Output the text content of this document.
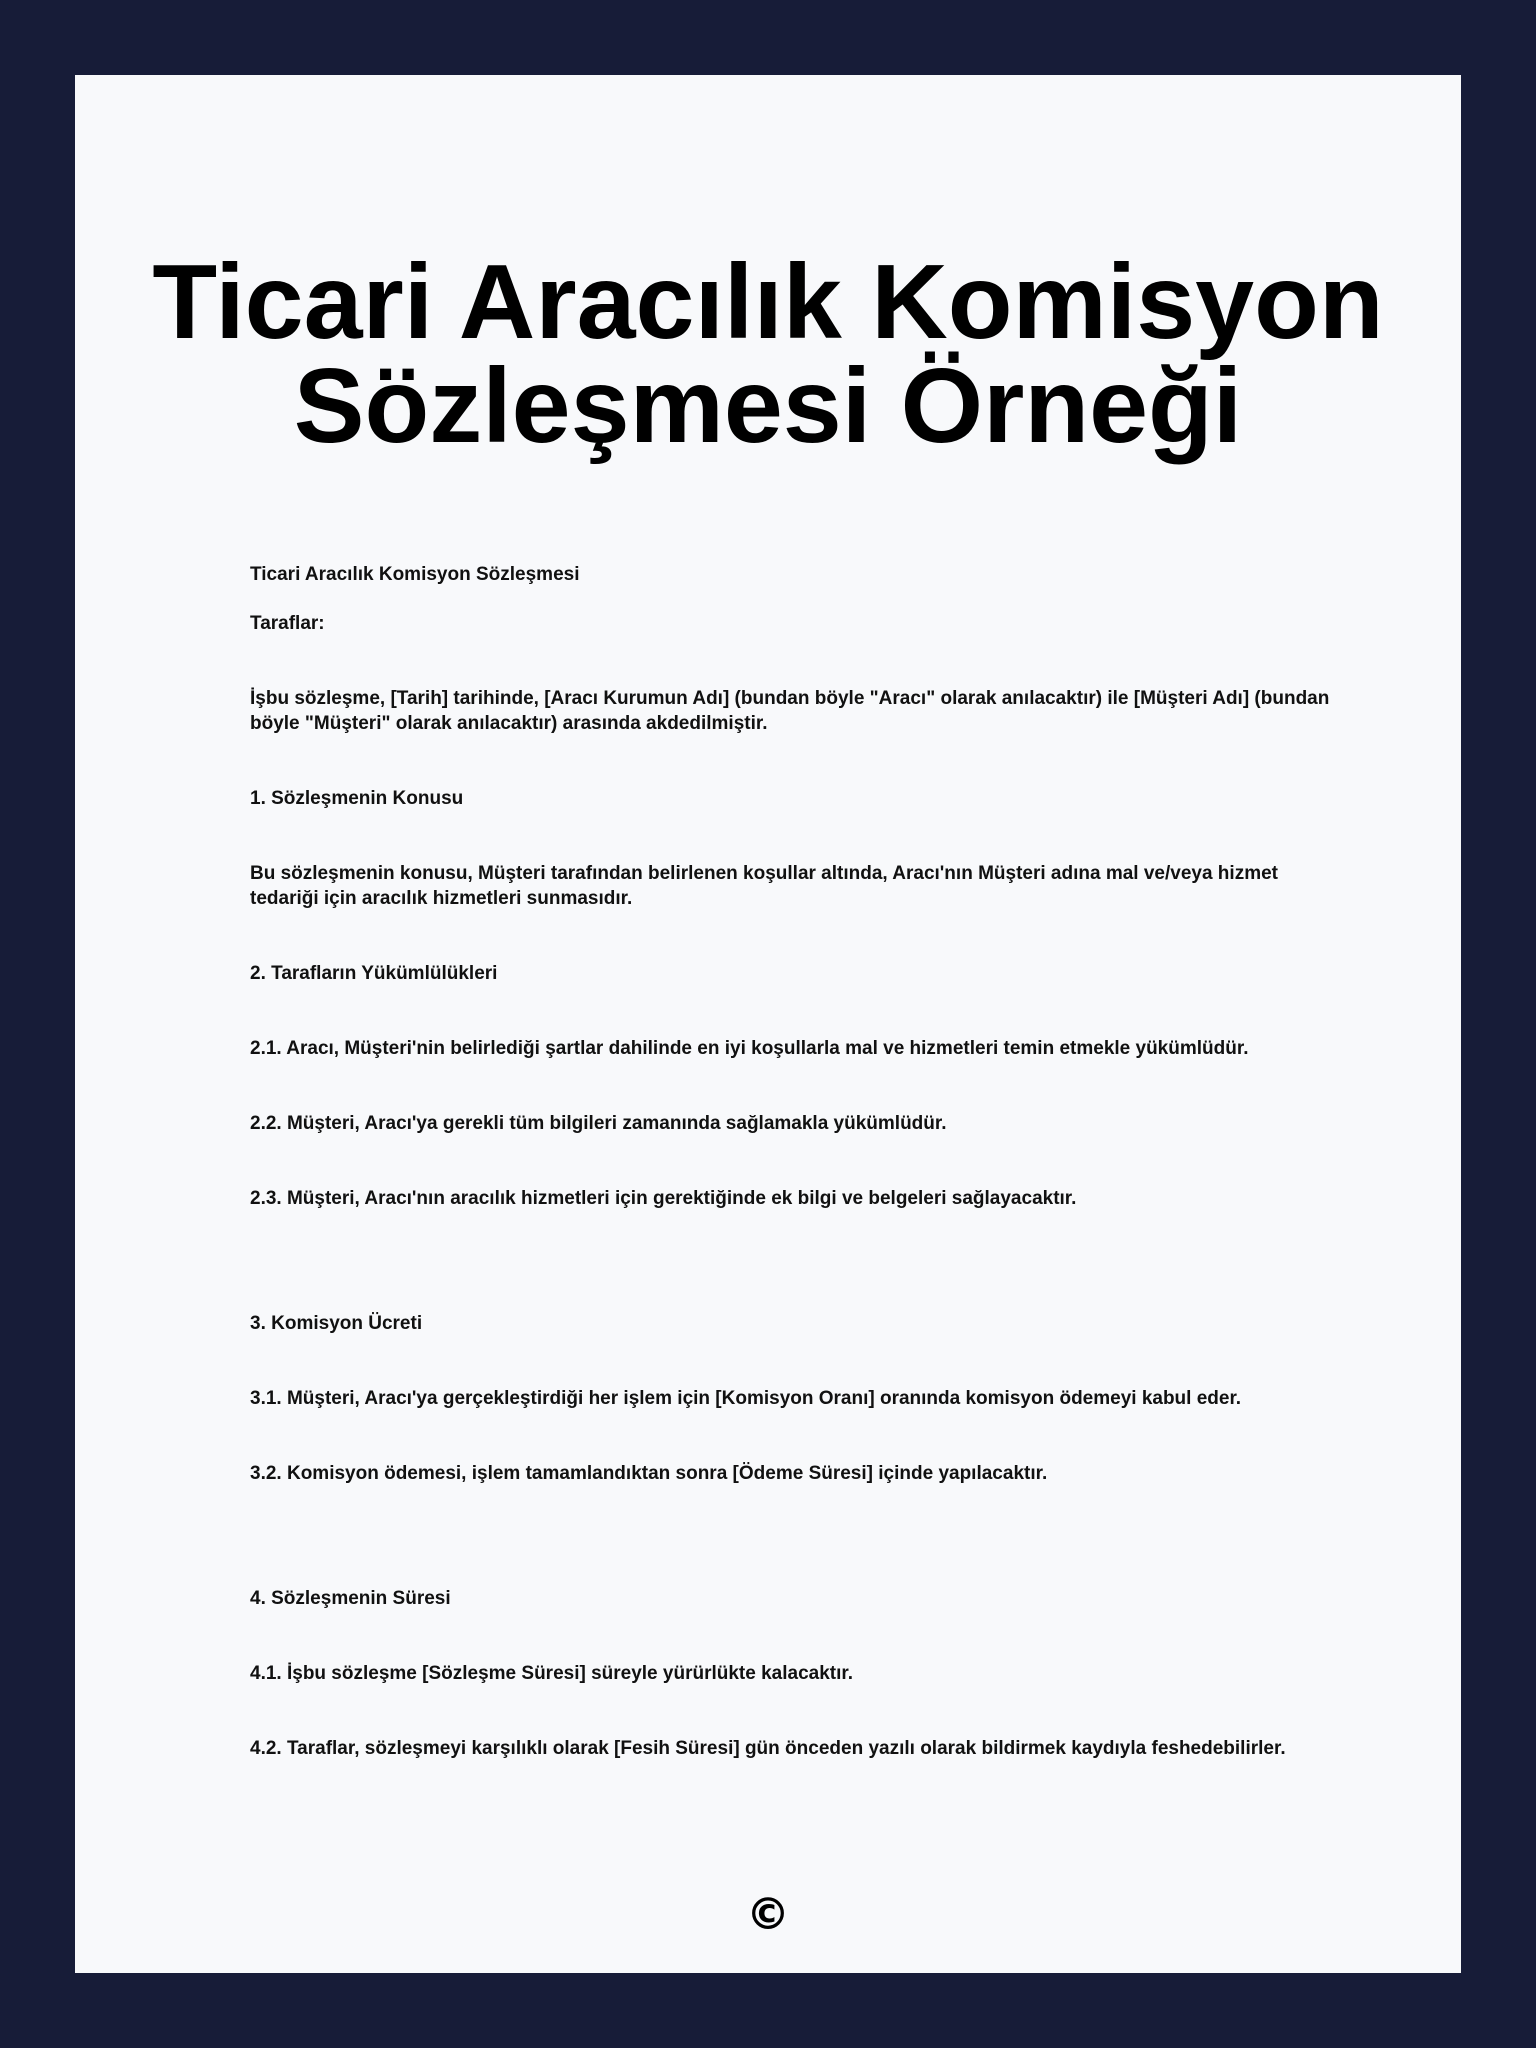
Ticari Aracılık Komisyon Sözleşmesi Örneği

Ticari Aracılık Komisyon Sözleşmesi

Taraflar:

İşbu sözleşme, [Tarih] tarihinde, [Aracı Kurumun Adı] (bundan böyle "Aracı" olarak anılacaktır) ile [Müşteri Adı] (bundan böyle "Müşteri" olarak anılacaktır) arasında akdedilmiştir.

1. Sözleşmenin Konusu

Bu sözleşmenin konusu, Müşteri tarafından belirlenen koşullar altında, Aracı'nın Müşteri adına mal ve/veya hizmet tedariği için aracılık hizmetleri sunmasıdır.

2. Tarafların Yükümlülükleri

2.1. Aracı, Müşteri'nin belirlediği şartlar dahilinde en iyi koşullarla mal ve hizmetleri temin etmekle yükümlüdür.

2.2. Müşteri, Aracı'ya gerekli tüm bilgileri zamanında sağlamakla yükümlüdür.

2.3. Müşteri, Aracı'nın aracılık hizmetleri için gerektiğinde ek bilgi ve belgeleri sağlayacaktır.

3. Komisyon Ücreti

3.1. Müşteri, Aracı'ya gerçekleştirdiği her işlem için [Komisyon Oranı] oranında komisyon ödemeyi kabul eder.

3.2. Komisyon ödemesi, işlem tamamlandıktan sonra [Ödeme Süresi] içinde yapılacaktır.

4. Sözleşmenin Süresi

4.1. İşbu sözleşme [Sözleşme Süresi] süreyle yürürlükte kalacaktır.

4.2. Taraflar, sözleşmeyi karşılıklı olarak [Fesih Süresi] gün önceden yazılı olarak bildirmek kaydıyla feshedebilirler.

©
